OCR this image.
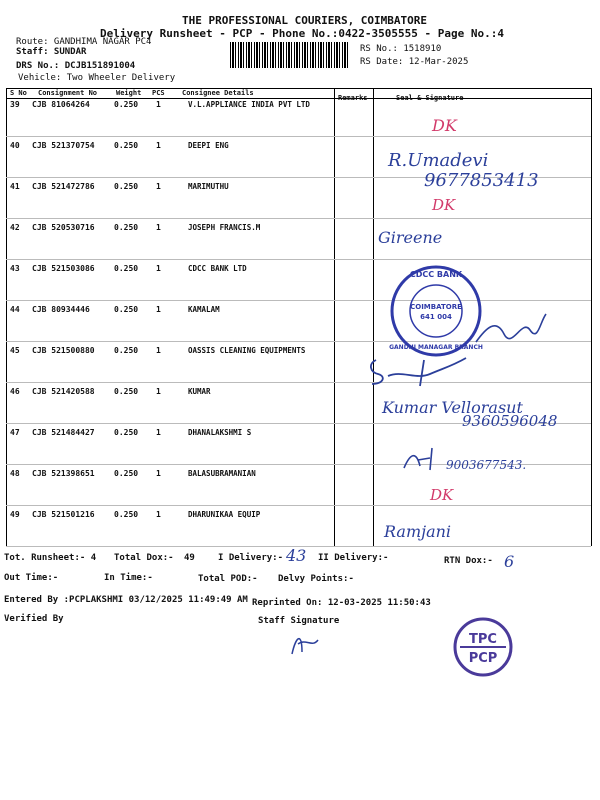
THE PROFESSIONAL COURIERS, COIMBATORE
Delivery Runsheet - PCP - Phone No.:0422-3505555 - Page No.:4
Route: GANDHIMA NAGAR PC4
Staff: SUNDAR
DRS No.: DCJB151891004
Vehicle: Two Wheeler Delivery
RS No.: 1518910
RS Date: 12-Mar-2025
S No Consignment No	Weight PCS Consignee Details
Remarks	Seal & Signature
39 CJB 81064264	0.250 1	V.L.APPLIANCE INDIA PVT LTD
40 CJB 521370754 0.250 1	DEEPI ENG
41 CJB 521472786 0.250 1	MARIMUTHU
42 CJB 520530716 0.250 1	JOSEPH FRANCIS.M
43 CJB 521503086 0.250 1	CDCC BANK LTD
44 CJB 80934446	0.250 1	KAMALAM
45 CJB 521500880 0.250 1	OASSIS CLEANING EQUIPMENTS
46 CJB 521420588 0.250 1	KUMAR
47 CJB 521484427 0.250 1	DHANALAKSHMI S
48 CJB 521398651 0.250 1	BALASUBRAMANIAN
49 CJB 521501216 0.250 1	DHARUNIKAA EQUIP
DK
R.Umadevi
9677853413
DK
Gireene
CDCC BANK
COIMBATORE
641 004
GANDHI MANAGAR BRANCH
Kumar Vellorasut
9360596048
9003677543.
DK
Ramjani
Tot. Runsheet:- 4 Total Dox:- 49	I Delivery:- 43 II Delivery:-	RTN Dox:- 6
Out Time:-	In Time:-	Total POD:- Delvy Points:-
Entered By :PCPLAKSHMI 03/12/2025 11:49:49 AM Reprinted On: 12-03-2025 11:50:43
Verified By	Staff Signature
TPC
PCP
